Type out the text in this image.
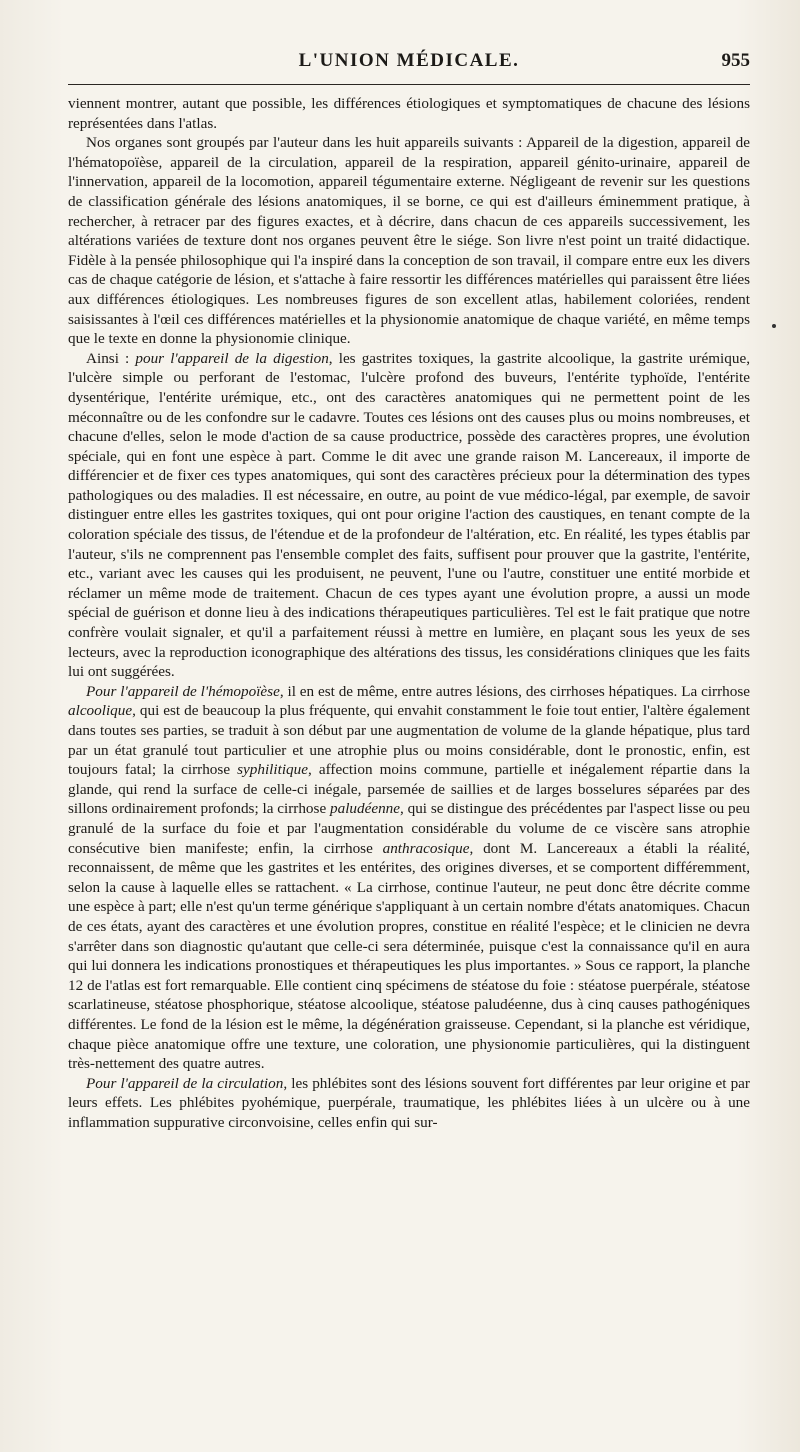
L'UNION MÉDICALE.	955

viennent montrer, autant que possible, les différences étiologiques et symptomatiques de chacune des lésions représentées dans l'atlas.

Nos organes sont groupés par l'auteur dans les huit appareils suivants : Appareil de la digestion, appareil de l'hématopoïèse, appareil de la circulation, appareil de la respiration, appareil génito-urinaire, appareil de l'innervation, appareil de la locomotion, appareil tégumentaire externe. Négligeant de revenir sur les questions de classification générale des lésions anatomiques, il se borne, ce qui est d'ailleurs éminemment pratique, à rechercher, à retracer par des figures exactes, et à décrire, dans chacun de ces appareils successivement, les altérations variées de texture dont nos organes peuvent être le siége. Son livre n'est point un traité didactique. Fidèle à la pensée philosophique qui l'a inspiré dans la conception de son travail, il compare entre eux les divers cas de chaque catégorie de lésion, et s'attache à faire ressortir les différences matérielles qui paraissent être liées aux différences étiologiques. Les nombreuses figures de son excellent atlas, habilement coloriées, rendent saisissantes à l'œil ces différences matérielles et la physionomie anatomique de chaque variété, en même temps que le texte en donne la physionomie clinique.

Ainsi : pour l'appareil de la digestion, les gastrites toxiques, la gastrite alcoolique, la gastrite urémique, l'ulcère simple ou perforant de l'estomac, l'ulcère profond des buveurs, l'entérite typhoïde, l'entérite dysentérique, l'entérite urémique, etc., ont des caractères anatomiques qui ne permettent point de les méconnaître ou de les confondre sur le cadavre. Toutes ces lésions ont des causes plus ou moins nombreuses, et chacune d'elles, selon le mode d'action de sa cause productrice, possède des caractères propres, une évolution spéciale, qui en font une espèce à part. Comme le dit avec une grande raison M. Lancereaux, il importe de différencier et de fixer ces types anatomiques, qui sont des caractères précieux pour la détermination des types pathologiques ou des maladies. Il est nécessaire, en outre, au point de vue médico-légal, par exemple, de savoir distinguer entre elles les gastrites toxiques, qui ont pour origine l'action des caustiques, en tenant compte de la coloration spéciale des tissus, de l'étendue et de la profondeur de l'altération, etc. En réalité, les types établis par l'auteur, s'ils ne comprennent pas l'ensemble complet des faits, suffisent pour prouver que la gastrite, l'entérite, etc., variant avec les causes qui les produisent, ne peuvent, l'une ou l'autre, constituer une entité morbide et réclamer un même mode de traitement. Chacun de ces types ayant une évolution propre, a aussi un mode spécial de guérison et donne lieu à des indications thérapeutiques particulières. Tel est le fait pratique que notre confrère voulait signaler, et qu'il a parfaitement réussi à mettre en lumière, en plaçant sous les yeux de ses lecteurs, avec la reproduction iconographique des altérations des tissus, les considérations cliniques que les faits lui ont suggérées.

Pour l'appareil de l'hémopoïèse, il en est de même, entre autres lésions, des cirrhoses hépatiques. La cirrhose alcoolique, qui est de beaucoup la plus fréquente, qui envahit constamment le foie tout entier, l'altère également dans toutes ses parties, se traduit à son début par une augmentation de volume de la glande hépatique, plus tard par un état granulé tout particulier et une atrophie plus ou moins considérable, dont le pronostic, enfin, est toujours fatal; la cirrhose syphilitique, affection moins commune, partielle et inégalement répartie dans la glande, qui rend la surface de celle-ci inégale, parsemée de saillies et de larges bosselures séparées par des sillons ordinairement profonds; la cirrhose paludéenne, qui se distingue des précédentes par l'aspect lisse ou peu granulé de la surface du foie et par l'augmentation considérable du volume de ce viscère sans atrophie consécutive bien manifeste; enfin, la cirrhose anthracosique, dont M. Lancereaux a établi la réalité, reconnaissent, de même que les gastrites et les entérites, des origines diverses, et se comportent différemment, selon la cause à laquelle elles se rattachent. « La cirrhose, continue l'auteur, ne peut donc être décrite comme une espèce à part; elle n'est qu'un terme générique s'appliquant à un certain nombre d'états anatomiques. Chacun de ces états, ayant des caractères et une évolution propres, constitue en réalité l'espèce; et le clinicien ne devra s'arrêter dans son diagnostic qu'autant que celle-ci sera déterminée, puisque c'est la connaissance qu'il en aura qui lui donnera les indications pronostiques et thérapeutiques les plus importantes. » Sous ce rapport, la planche 12 de l'atlas est fort remarquable. Elle contient cinq spécimens de stéatose du foie : stéatose puerpérale, stéatose scarlatineuse, stéatose phosphorique, stéatose alcoolique, stéatose paludéenne, dus à cinq causes pathogéniques différentes. Le fond de la lésion est le même, la dégénération graisseuse. Cependant, si la planche est véridique, chaque pièce anatomique offre une texture, une coloration, une physionomie particulières, qui la distinguent très-nettement des quatre autres.

Pour l'appareil de la circulation, les phlébites sont des lésions souvent fort différentes par leur origine et par leurs effets. Les phlébites pyohémique, puerpérale, traumatique, les phlébites liées à un ulcère ou à une inflammation suppurative circonvoisine, celles enfin qui sur-
